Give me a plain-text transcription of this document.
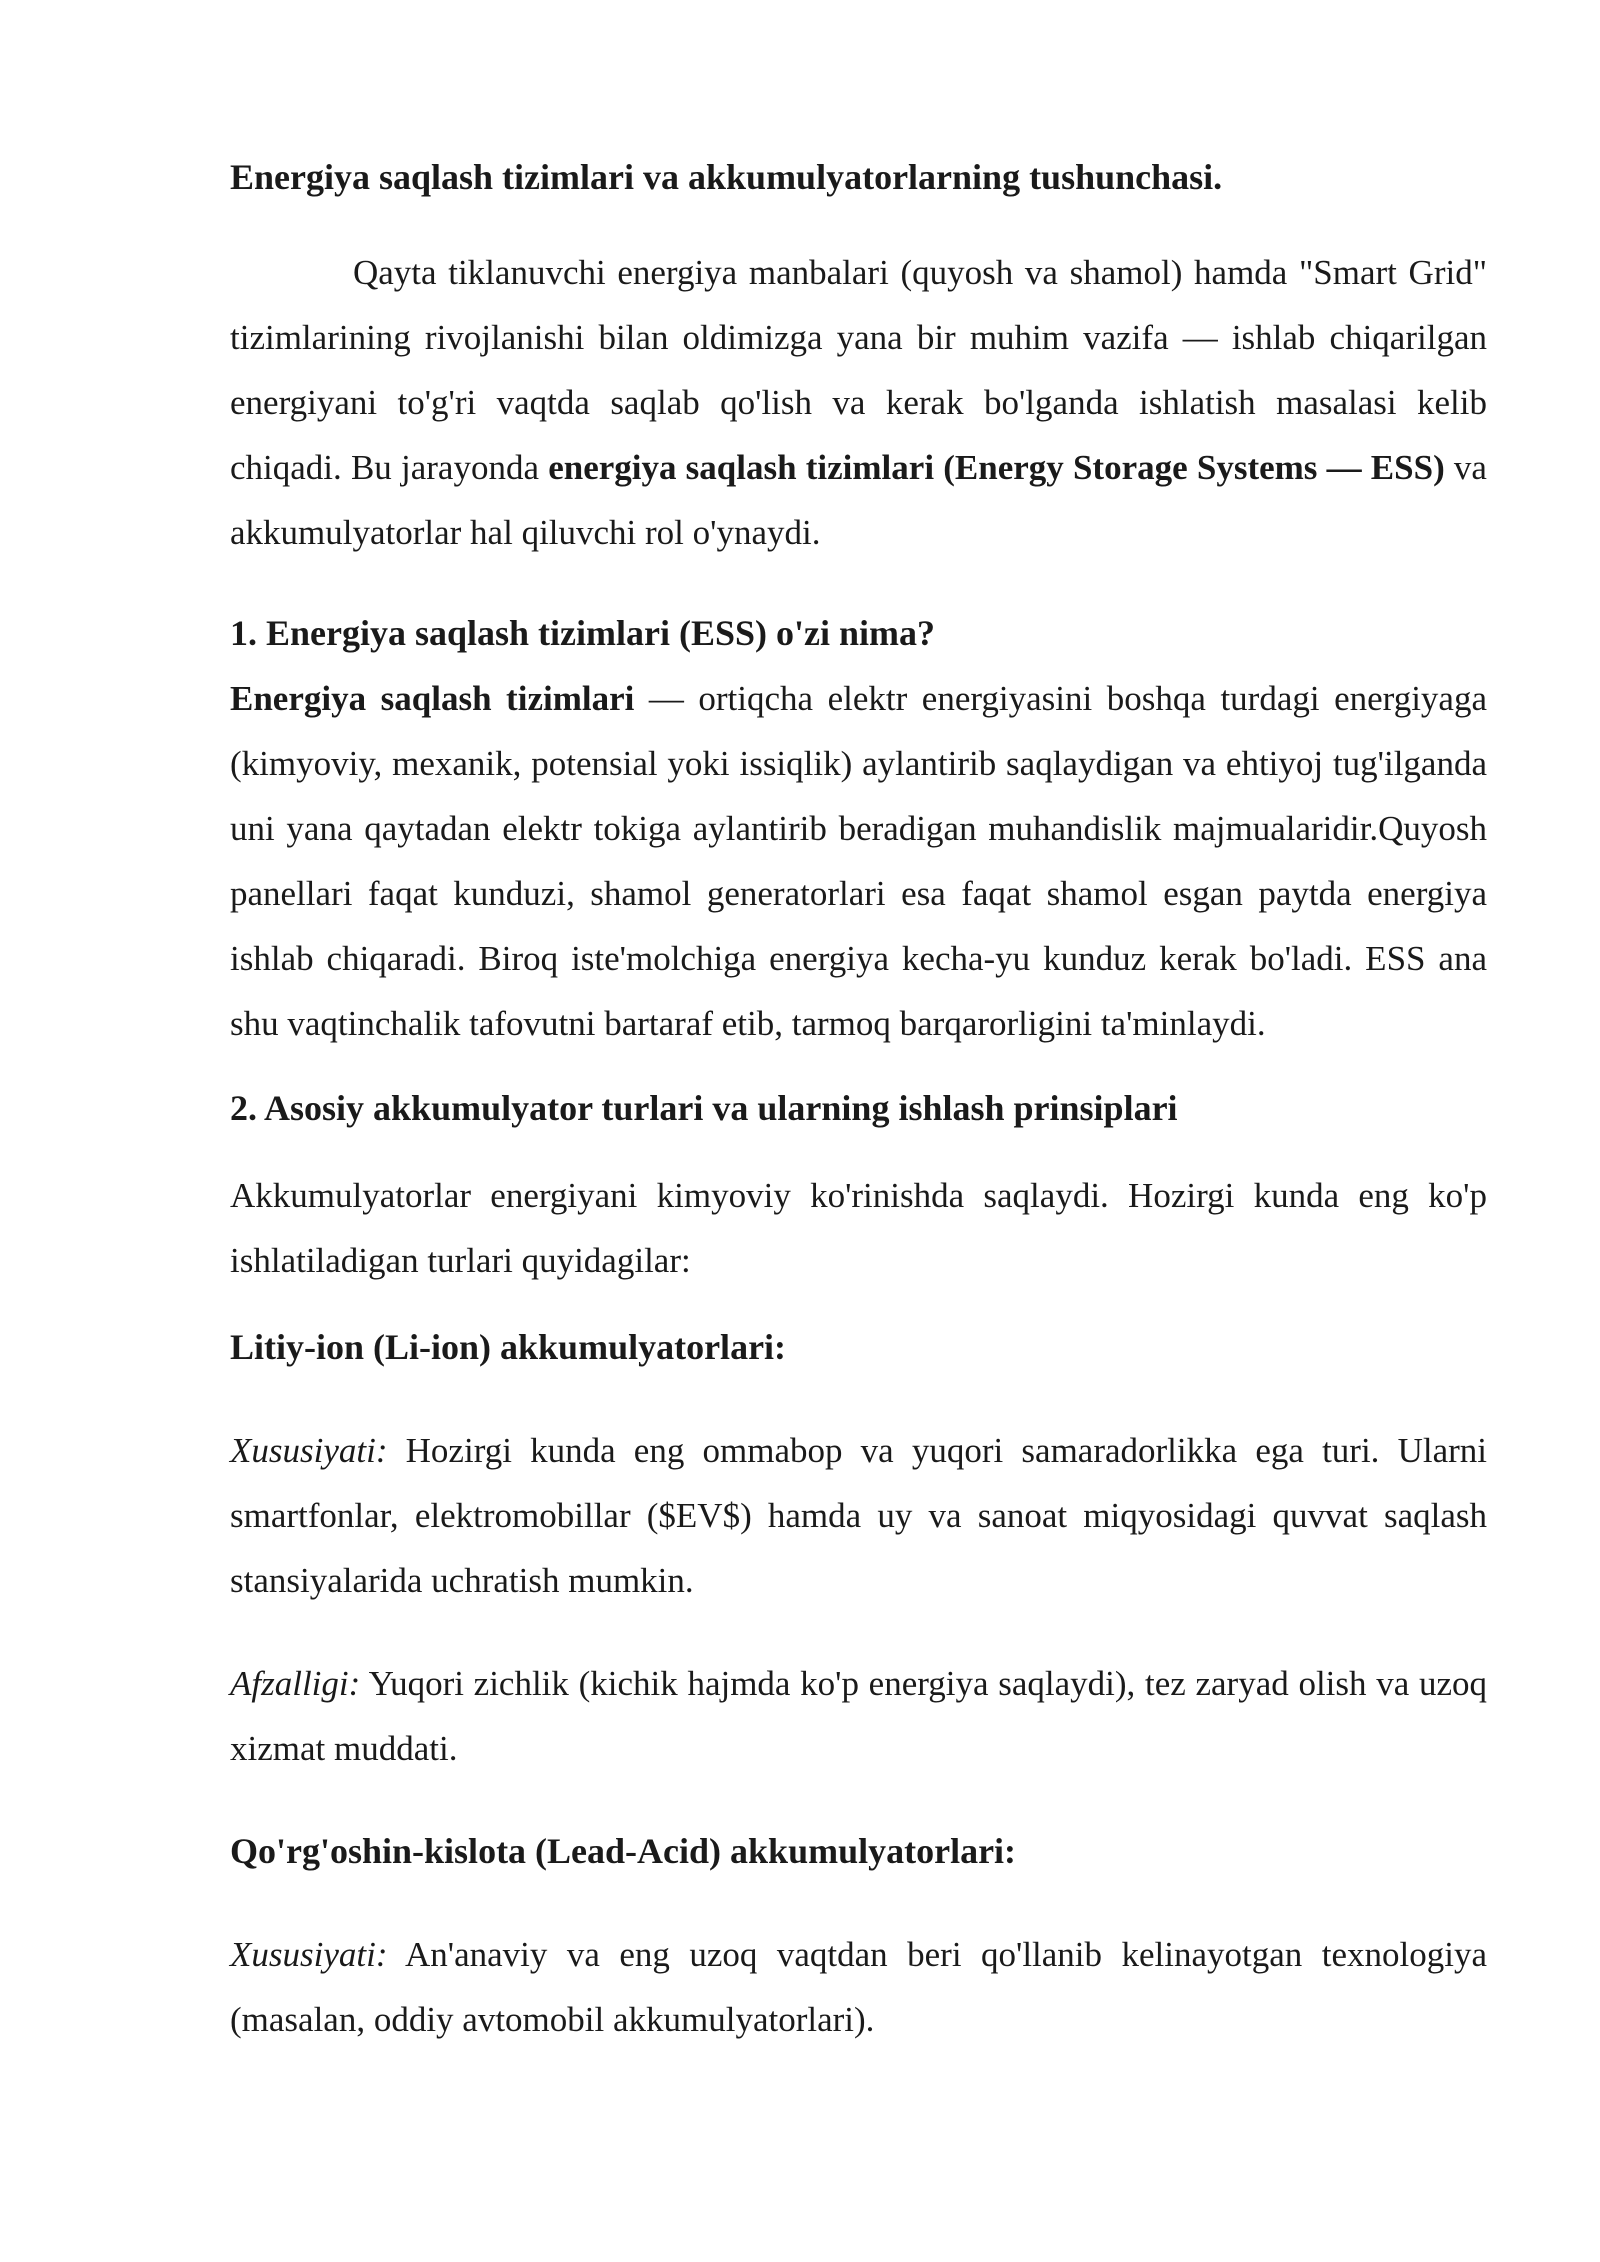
Energiya saqlash tizimlari va akkumulyatorlarning tushunchasi.

Qayta tiklanuvchi energiya manbalari (quyosh va shamol) hamda "Smart Grid" tizimlarining rivojlanishi bilan oldimizga yana bir muhim vazifa — ishlab chiqarilgan energiyani to'g'ri vaqtda saqlab qo'lish va kerak bo'lganda ishlatish masalasi kelib chiqadi. Bu jarayonda energiya saqlash tizimlari (Energy Storage Systems — ESS) va akkumulyatorlar hal qiluvchi rol o'ynaydi.

1. Energiya saqlash tizimlari (ESS) o'zi nima?

Energiya saqlash tizimlari — ortiqcha elektr energiyasini boshqa turdagi energiyaga (kimyoviy, mexanik, potensial yoki issiqlik) aylantirib saqlaydigan va ehtiyoj tug'ilganda uni yana qaytadan elektr tokiga aylantirib beradigan muhandislik majmualaridir.Quyosh panellari faqat kunduzi, shamol generatorlari esa faqat shamol esgan paytda energiya ishlab chiqaradi. Biroq iste'molchiga energiya kecha-yu kunduz kerak bo'ladi. ESS ana shu vaqtinchalik tafovutni bartaraf etib, tarmoq barqarorligini ta'minlaydi.

2. Asosiy akkumulyator turlari va ularning ishlash prinsiplari

Akkumulyatorlar energiyani kimyoviy ko'rinishda saqlaydi. Hozirgi kunda eng ko'p ishlatiladigan turlari quyidagilar:

Litiy-ion (Li-ion) akkumulyatorlari:

Xususiyati: Hozirgi kunda eng ommabop va yuqori samaradorlikka ega turi. Ularni smartfonlar, elektromobillar ($EV$) hamda uy va sanoat miqyosidagi quvvat saqlash stansiyalarida uchratish mumkin.

Afzalligi: Yuqori zichlik (kichik hajmda ko'p energiya saqlaydi), tez zaryad olish va uzoq xizmat muddati.

Qo'rg'oshin-kislota (Lead-Acid) akkumulyatorlari:

Xususiyati: An'anaviy va eng uzoq vaqtdan beri qo'llanib kelinayotgan texnologiya (masalan, oddiy avtomobil akkumulyatorlari).
